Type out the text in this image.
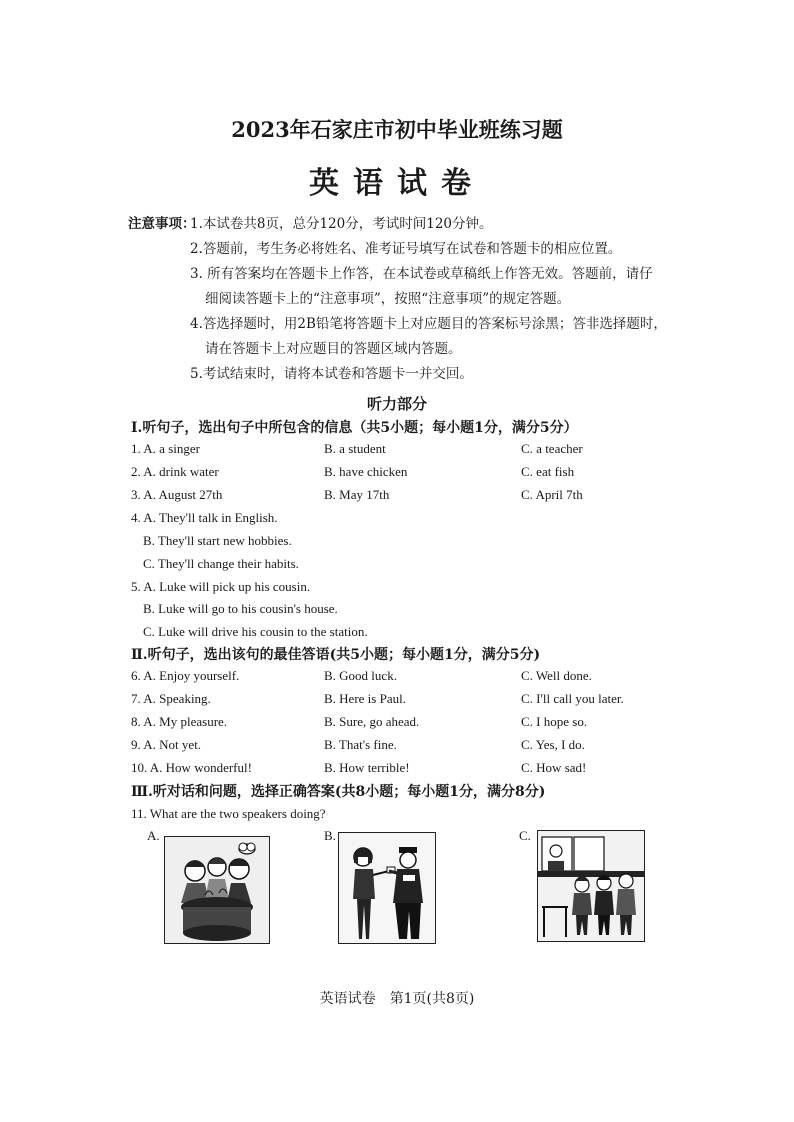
2023年石家庄市初中毕业班练习题
英语试卷
注意事项：
1.本试卷共8页，总分120分，考试时间120分钟。
2.答题前，考生务必将姓名、准考证号填写在试卷和答题卡的相应位置。
3. 所有答案均在答题卡上作答，在本试卷或草稿纸上作答无效。答题前，请仔
细阅读答题卡上的“注意事项”，按照“注意事项”的规定答题。
4.答选择题时，用2B铅笔将答题卡上对应题目的答案标号涂黑；答非选择题时，
请在答题卡上对应题目的答题区域内答题。
5.考试结束时，请将本试卷和答题卡一并交回。
听力部分
Ⅰ.听句子，选出句子中所包含的信息（共5小题；每小题1分，满分5分）
1. A. a singer	B. a student	C. a teacher
2. A. drink water	B. have chicken	C. eat fish
3. A. August 27th	B. May 17th	C. April 7th
4. A. They'll talk in English.
B. They'll start new hobbies.
C. They'll change their habits.
5. A. Luke will pick up his cousin.
B. Luke will go to his cousin's house.
C. Luke will drive his cousin to the station.
Ⅱ.听句子，选出该句的最佳答语(共5小题；每小题1分，满分5分)
6. A. Enjoy yourself.	B. Good luck.	C. Well done.
7. A. Speaking.	B. Here is Paul.	C. I'll call you later.
8. A. My pleasure.	B. Sure, go ahead.	C. I hope so.
9. A. Not yet.	B. That's fine.	C. Yes, I do.
10. A. How wonderful!	B. How terrible!	C. How sad!
Ⅲ.听对话和问题，选择正确答案(共8小题；每小题1分，满分8分)
11. What are the two speakers doing?
A.	B.	C.
英语试卷　第1页(共8页)
